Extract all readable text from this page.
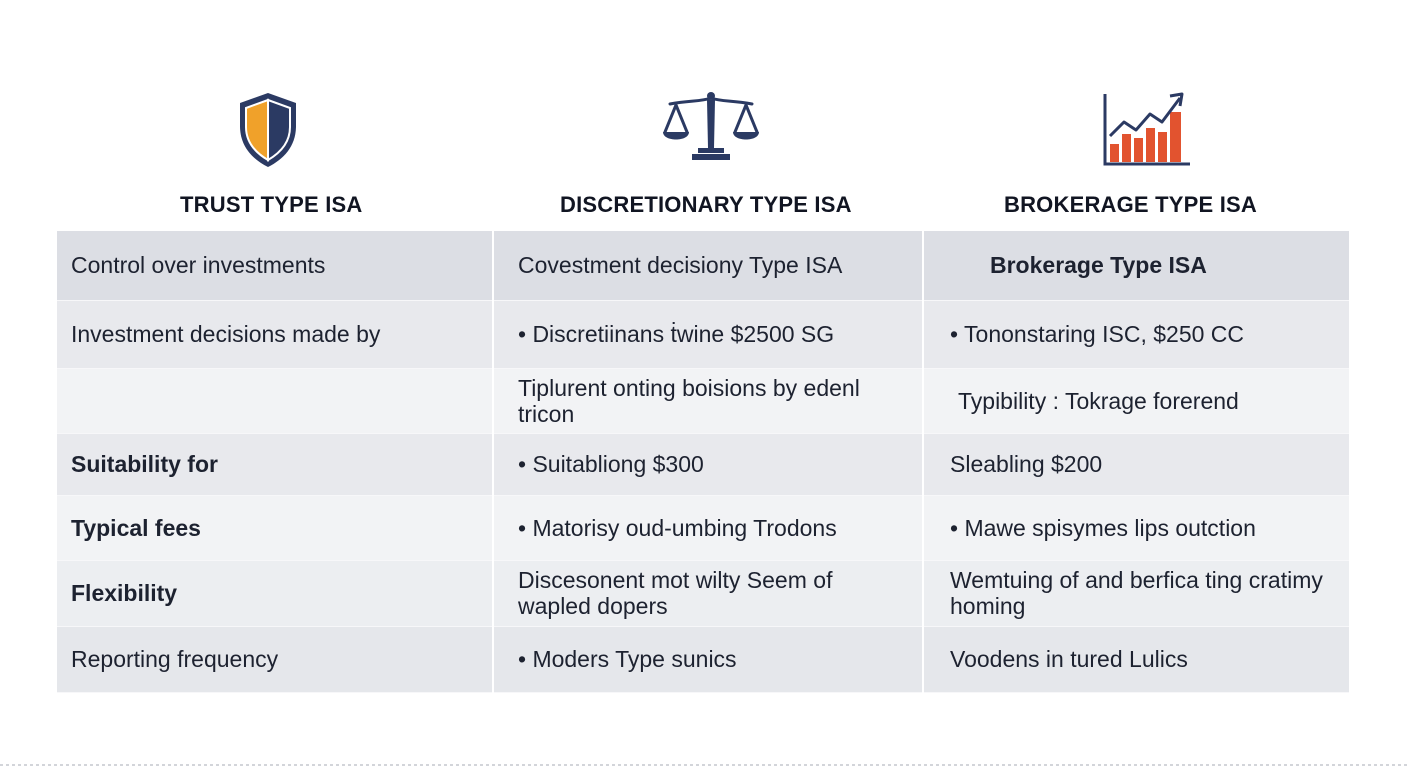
TRUST TYPE ISA	DISCRETIONARY TYPE ISA	BROKERAGE TYPE ISA
Control over investments	Covestment decisiony Type ISA	Brokerage Type ISA
Investment decisions made by	• Discretiinans ṫwine $2500 SG	• Tononstaring ISC, $250 CC
	Tiplurent onting boisions by edenl tricon	Typibility : Tokrage forerend
Suitability for	• Suitabliong $300	Sleabling $200
Typical fees	• Matorisy oud-umbing Trodons	• Mawe spisymes lips outction
Flexibility	Discesonent mot wilty Seem of wapled dopers	Wemtuing of and berfica ting cratimy homing
Reporting frequency	• Moders Type sunics	Voodens in tured Lulics
